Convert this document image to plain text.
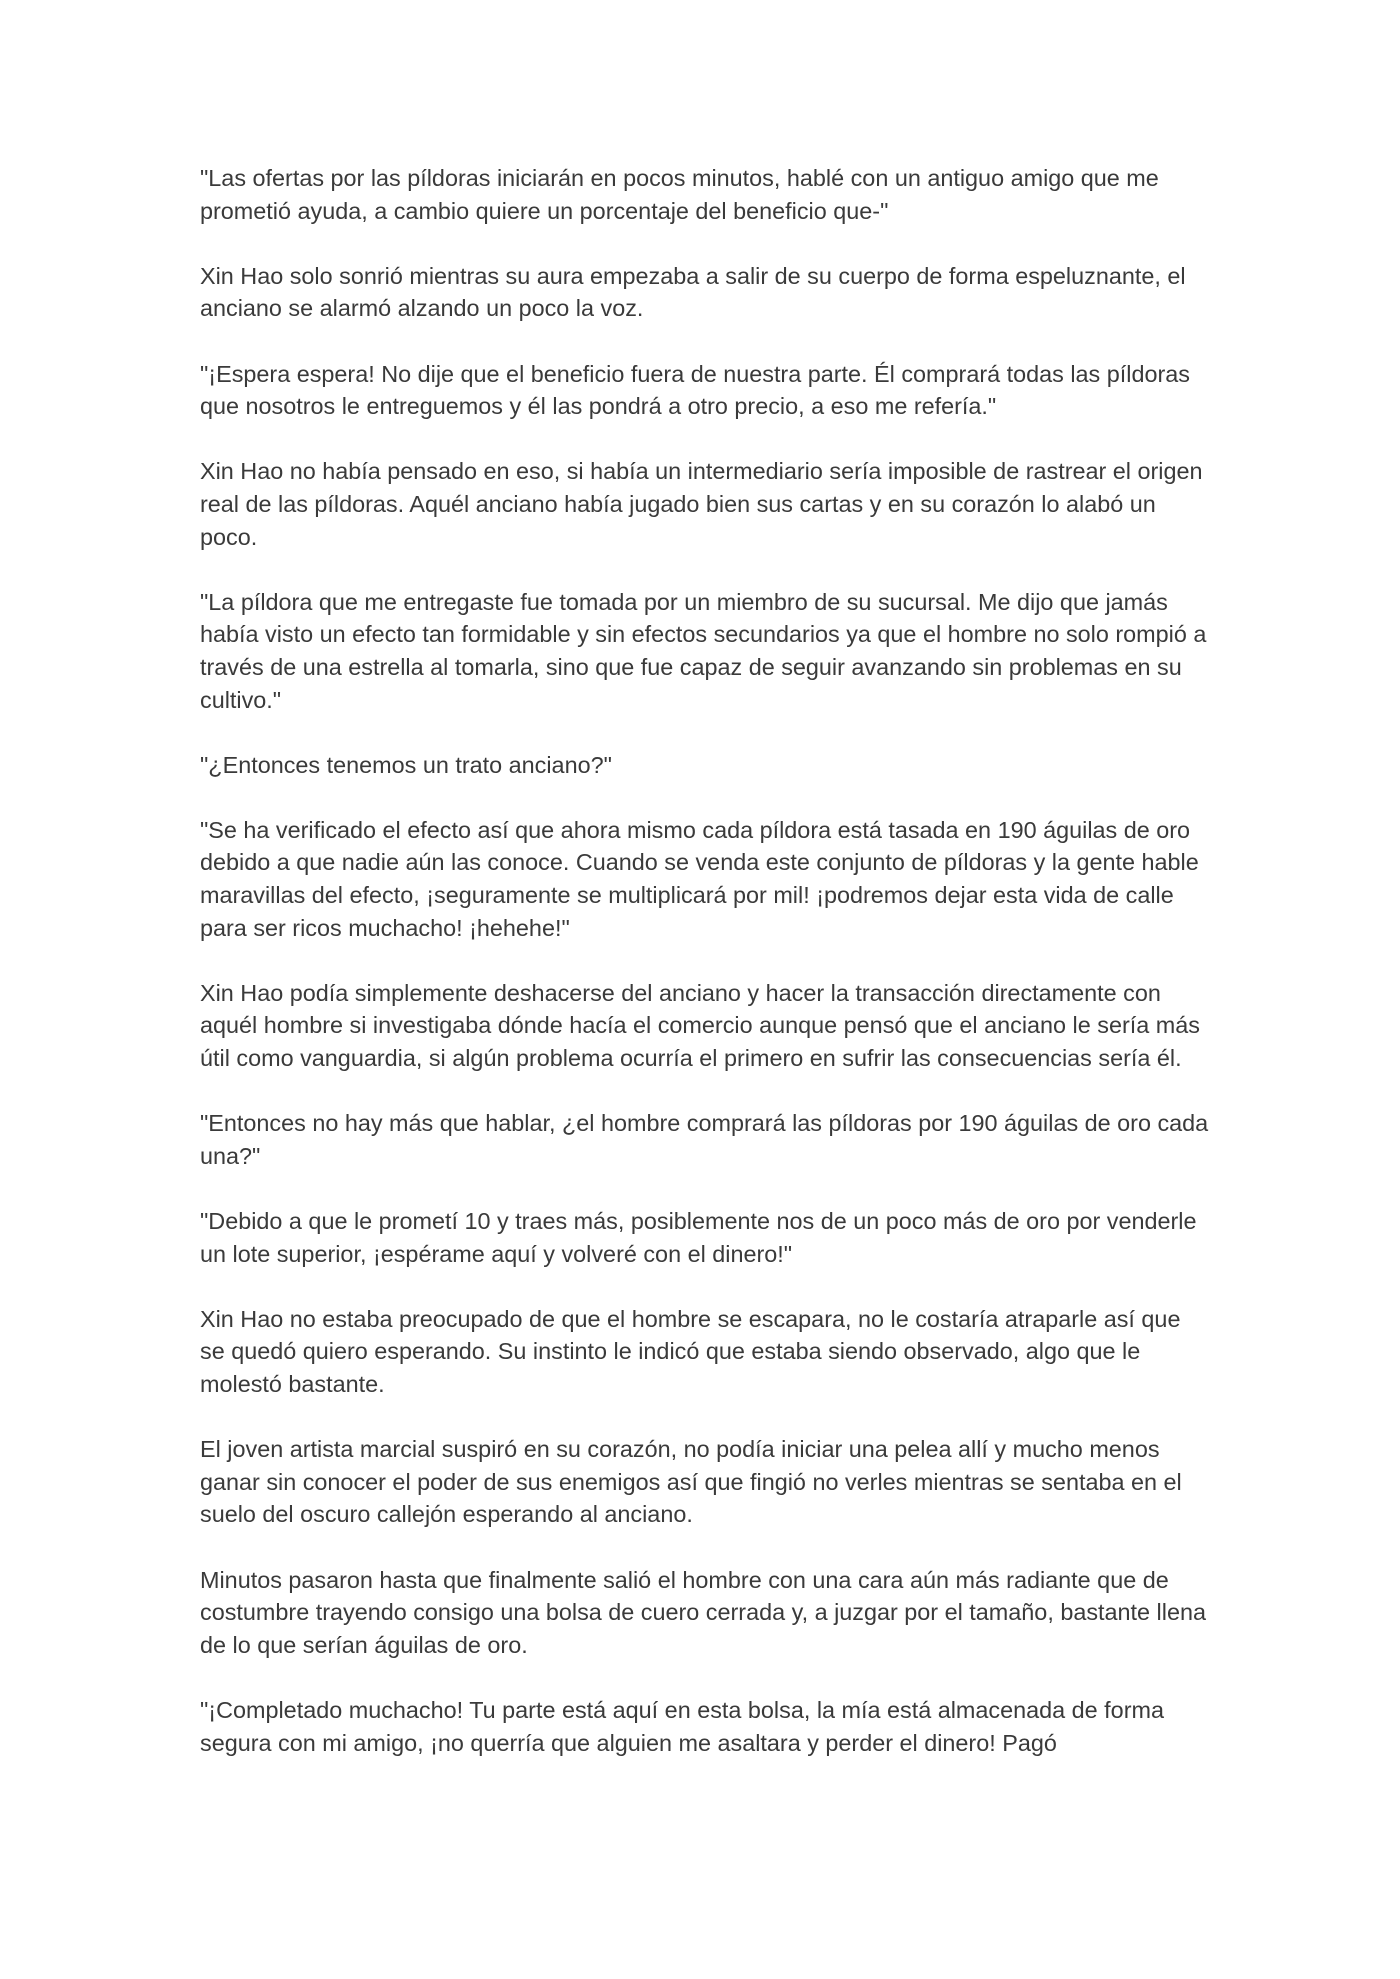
"Las ofertas por las píldoras iniciarán en pocos minutos, hablé con un antiguo amigo que me prometió ayuda, a cambio quiere un porcentaje del beneficio que-"

Xin Hao solo sonrió mientras su aura empezaba a salir de su cuerpo de forma espeluznante, el anciano se alarmó alzando un poco la voz.

"¡Espera espera! No dije que el beneficio fuera de nuestra parte. Él comprará todas las píldoras que nosotros le entreguemos y él las pondrá a otro precio, a eso me refería."

Xin Hao no había pensado en eso, si había un intermediario sería imposible de rastrear el origen real de las píldoras. Aquél anciano había jugado bien sus cartas y en su corazón lo alabó un poco.

"La píldora que me entregaste fue tomada por un miembro de su sucursal. Me dijo que jamás había visto un efecto tan formidable y sin efectos secundarios ya que el hombre no solo rompió a través de una estrella al tomarla, sino que fue capaz de seguir avanzando sin problemas en su cultivo."

"¿Entonces tenemos un trato anciano?"

"Se ha verificado el efecto así que ahora mismo cada píldora está tasada en 190 águilas de oro debido a que nadie aún las conoce. Cuando se venda este conjunto de píldoras y la gente hable maravillas del efecto, ¡seguramente se multiplicará por mil! ¡podremos dejar esta vida de calle para ser ricos muchacho! ¡hehehe!"

Xin Hao podía simplemente deshacerse del anciano y hacer la transacción directamente con aquél hombre si investigaba dónde hacía el comercio aunque pensó que el anciano le sería más útil como vanguardia, si algún problema ocurría el primero en sufrir las consecuencias sería él.

"Entonces no hay más que hablar, ¿el hombre comprará las píldoras por 190 águilas de oro cada una?"

"Debido a que le prometí 10 y traes más, posiblemente nos de un poco más de oro por venderle un lote superior, ¡espérame aquí y volveré con el dinero!"

Xin Hao no estaba preocupado de que el hombre se escapara, no le costaría atraparle así que se quedó quiero esperando. Su instinto le indicó que estaba siendo observado, algo que le molestó bastante.

El joven artista marcial suspiró en su corazón, no podía iniciar una pelea allí y mucho menos ganar sin conocer el poder de sus enemigos así que fingió no verles mientras se sentaba en el suelo del oscuro callejón esperando al anciano.

Minutos pasaron hasta que finalmente salió el hombre con una cara aún más radiante que de costumbre trayendo consigo una bolsa de cuero cerrada y, a juzgar por el tamaño, bastante llena de lo que serían águilas de oro.

"¡Completado muchacho! Tu parte está aquí en esta bolsa, la mía está almacenada de forma segura con mi amigo, ¡no querría que alguien me asaltara y perder el dinero! Pagó
